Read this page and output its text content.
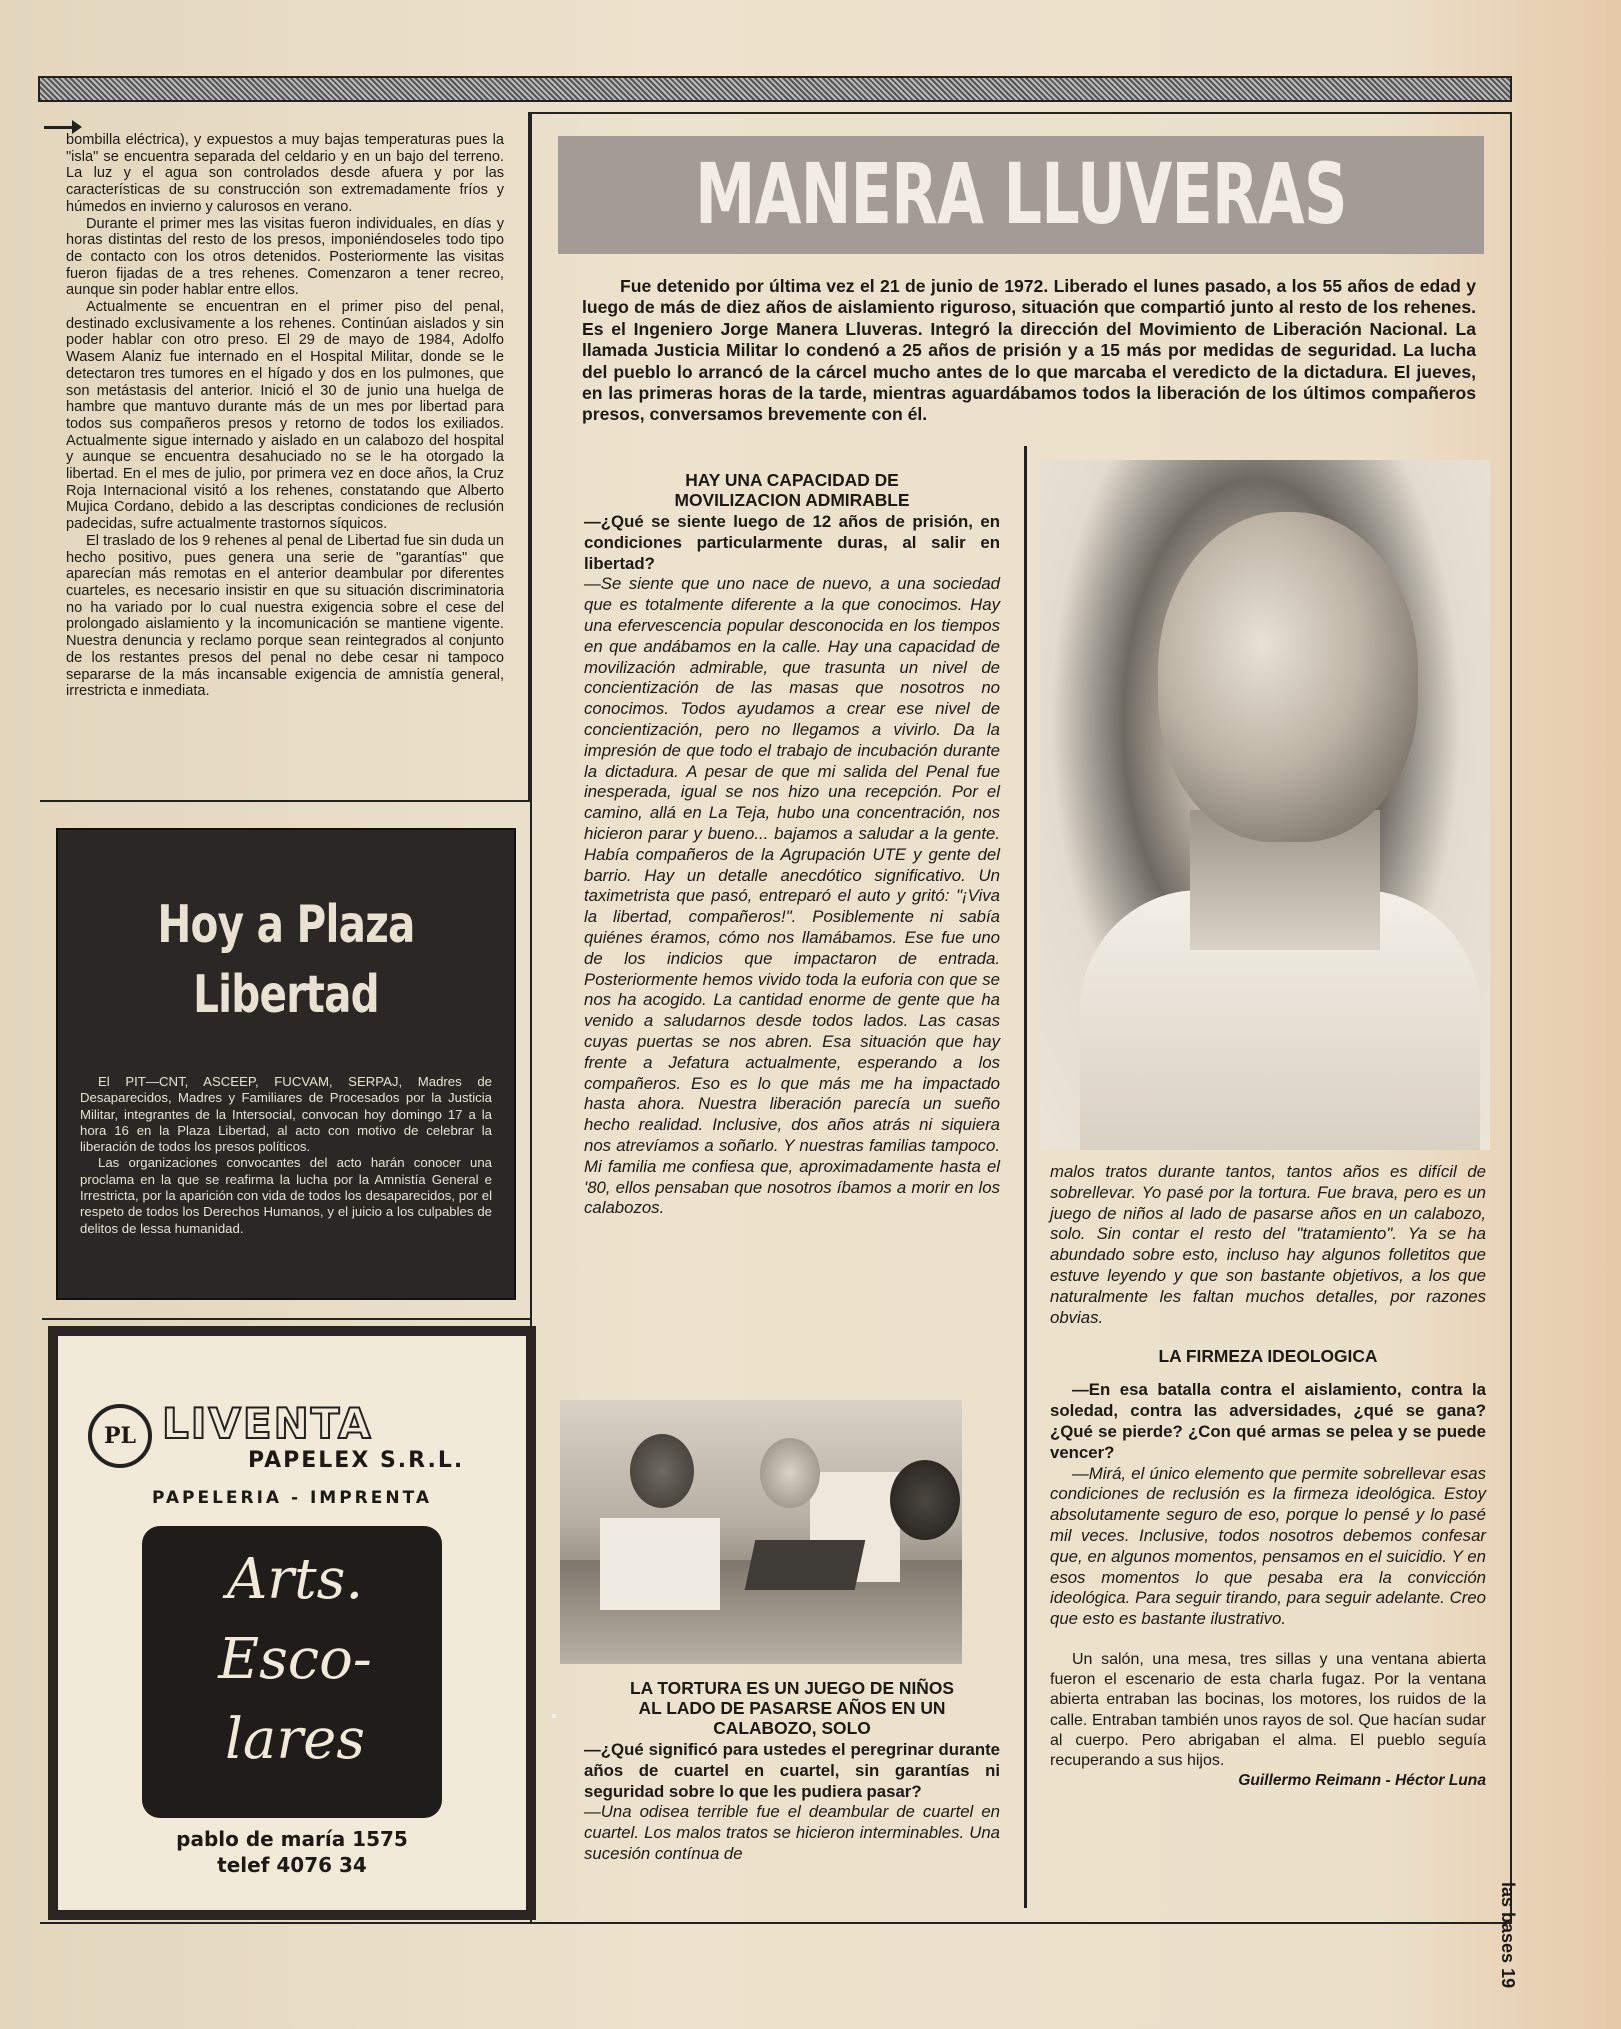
bombilla eléctrica), y expuestos a muy bajas temperaturas pues la "isla" se encuentra separada del celdario y en un bajo del terreno. La luz y el agua son controlados desde afuera y por las características de su construcción son extremadamente fríos y húmedos en invierno y calurosos en verano.

Durante el primer mes las visitas fueron individuales, en días y horas distintas del resto de los presos, imponiéndoseles todo tipo de contacto con los otros detenidos. Posteriormente las visitas fueron fijadas de a tres rehenes. Comenzaron a tener recreo, aunque sin poder hablar entre ellos.

Actualmente se encuentran en el primer piso del penal, destinado exclusivamente a los rehenes. Continúan aislados y sin poder hablar con otro preso. El 29 de mayo de 1984, Adolfo Wasem Alaniz fue internado en el Hospital Militar, donde se le detectaron tres tumores en el hígado y dos en los pulmones, que son metástasis del anterior. Inició el 30 de junio una huelga de hambre que mantuvo durante más de un mes por libertad para todos sus compañeros presos y retorno de todos los exiliados. Actualmente sigue internado y aislado en un calabozo del hospital y aunque se encuentra desahuciado no se le ha otorgado la libertad. En el mes de julio, por primera vez en doce años, la Cruz Roja Internacional visitó a los rehenes, constatando que Alberto Mujica Cordano, debido a las descriptas condiciones de reclusión padecidas, sufre actualmente trastornos síquicos.

El traslado de los 9 rehenes al penal de Libertad fue sin duda un hecho positivo, pues genera una serie de "garantías" que aparecían más remotas en el anterior deambular por diferentes cuarteles, es necesario insistir en que su situación discriminatoria no ha variado por lo cual nuestra exigencia sobre el cese del prolongado aislamiento y la incomunicación se mantiene vigente. Nuestra denuncia y reclamo porque sean reintegrados al conjunto de los restantes presos del penal no debe cesar ni tampoco separarse de la más incansable exigencia de amnistía general, irrestricta e inmediata.

Hoy a Plaza
Libertad

El PIT—CNT, ASCEEP, FUCVAM, SERPAJ, Madres de Desaparecidos, Madres y Familiares de Procesados por la Justicia Militar, integrantes de la Intersocial, convocan hoy domingo 17 a la hora 16 en la Plaza Libertad, al acto con motivo de celebrar la liberación de todos los presos políticos.

Las organizaciones convocantes del acto harán conocer una proclama en la que se reafirma la lucha por la Amnistía General e Irrestricta, por la aparición con vida de todos los desaparecidos, por el respeto de todos los Derechos Humanos, y el juicio a los culpables de delitos de lessa humanidad.

PL LIVENTA
PAPELEX S.R.L.
PAPELERIA - IMPRENTA
Arts.
Esco-
lares
pablo de maría 1575
telef 4076 34
MANERA LLUVERAS

Fue detenido por última vez el 21 de junio de 1972. Liberado el lunes pasado, a los 55 años de edad y luego de más de diez años de aislamiento riguroso, situación que compartió junto al resto de los rehenes. Es el Ingeniero Jorge Manera Lluveras. Integró la dirección del Movimiento de Liberación Nacional. La llamada Justicia Militar lo condenó a 25 años de prisión y a 15 más por medidas de seguridad. La lucha del pueblo lo arrancó de la cárcel mucho antes de lo que marcaba el veredicto de la dictadura. El jueves, en las primeras horas de la tarde, mientras aguardábamos todos la liberación de los últimos compañeros presos, conversamos brevemente con él.

HAY UNA CAPACIDAD DE
MOVILIZACION ADMIRABLE

—¿Qué se siente luego de 12 años de prisión, en condiciones particularmente duras, al salir en libertad?

—Se siente que uno nace de nuevo, a una sociedad que es totalmente diferente a la que conocimos. Hay una efervescencia popular desconocida en los tiempos en que andábamos en la calle. Hay una capacidad de movilización admirable, que trasunta un nivel de concientización de las masas que nosotros no conocimos. Todos ayudamos a crear ese nivel de concientización, pero no llegamos a vivirlo. Da la impresión de que todo el trabajo de incubación durante la dictadura. A pesar de que mi salida del Penal fue inesperada, igual se nos hizo una recepción. Por el camino, allá en La Teja, hubo una concentración, nos hicieron parar y bueno... bajamos a saludar a la gente. Había compañeros de la Agrupación UTE y gente del barrio. Hay un detalle anecdótico significativo. Un taximetrista que pasó, entreparó el auto y gritó: "¡Viva la libertad, compañeros!". Posiblemente ni sabía quiénes éramos, cómo nos llamábamos. Ese fue uno de los indicios que impactaron de entrada. Posteriormente hemos vivido toda la euforia con que se nos ha acogido. La cantidad enorme de gente que ha venido a saludarnos desde todos lados. Las casas cuyas puertas se nos abren. Esa situación que hay frente a Jefatura actualmente, esperando a los compañeros. Eso es lo que más me ha impactado hasta ahora. Nuestra liberación parecía un sueño hecho realidad. Inclusive, dos años atrás ni siquiera nos atrevíamos a soñarlo. Y nuestras familias tampoco. Mi familia me confiesa que, aproximadamente hasta el '80, ellos pensaban que nosotros íbamos a morir en los calabozos.

LA TORTURA ES UN JUEGO DE NIÑOS
AL LADO DE PASARSE AÑOS EN UN
CALABOZO, SOLO

—¿Qué significó para ustedes el peregrinar durante años de cuartel en cuartel, sin garantías ni seguridad sobre lo que les pudiera pasar?

—Una odisea terrible fue el deambular de cuartel en cuartel. Los malos tratos se hicieron interminables. Una sucesión contínua de

malos tratos durante tantos, tantos años es difícil de sobrellevar. Yo pasé por la tortura. Fue brava, pero es un juego de niños al lado de pasarse años en un calabozo, solo. Sin contar el resto del "tratamiento". Ya se ha abundado sobre esto, incluso hay algunos folletitos que estuve leyendo y que son bastante objetivos, a los que naturalmente les faltan muchos detalles, por razones obvias.

LA FIRMEZA IDEOLOGICA

—En esa batalla contra el aislamiento, contra la soledad, contra las adversidades, ¿qué se gana? ¿Qué se pierde? ¿Con qué armas se pelea y se puede vencer?

—Mirá, el único elemento que permite sobrellevar esas condiciones de reclusión es la firmeza ideológica. Estoy absolutamente seguro de eso, porque lo pensé y lo pasé mil veces. Inclusive, todos nosotros debemos confesar que, en algunos momentos, pensamos en el suicidio. Y en esos momentos lo que pesaba era la convicción ideológica. Para seguir tirando, para seguir adelante. Creo que esto es bastante ilustrativo.

Un salón, una mesa, tres sillas y una ventana abierta fueron el escenario de esta charla fugaz. Por la ventana abierta entraban las bocinas, los motores, los ruidos de la calle. Entraban también unos rayos de sol. Que hacían sudar al cuerpo. Pero abrigaban el alma. El pueblo seguía recuperando a sus hijos.

Guillermo Reimann - Héctor Luna
las bases 19
